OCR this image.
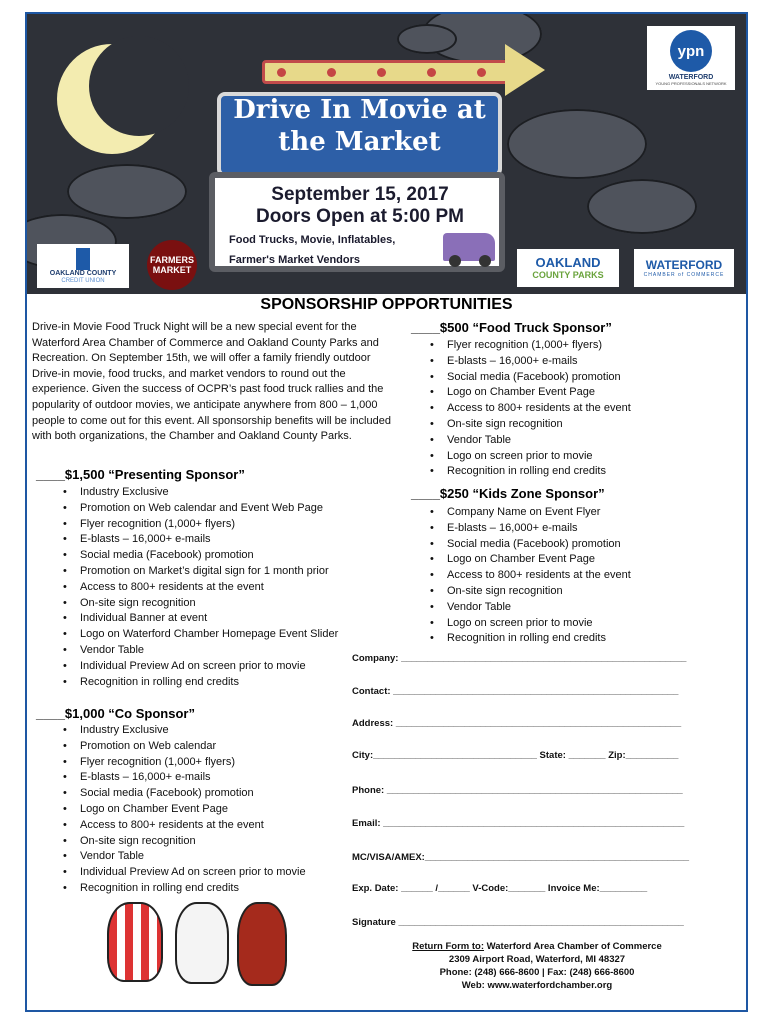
Drive In Movie at the Market
September 15, 2017
Doors Open at 5:00 PM
Food Trucks, Movie, Inflatables,
Farmer's Market Vendors
ypn
WATERFORD
YOUNG PROFESSIONALS NETWORK
OAKLAND COUNTY
CREDIT UNION
FARMERS MARKET	OAKLAND
COUNTY PARKS
WATERFORD
CHAMBER of COMMERCE
SPONSORSHIP OPPORTUNITIES

Drive-in Movie Food Truck Night will be a new special event for the Waterford Area Chamber of Commerce and Oakland County Parks and Recreation. On September 15th, we will offer a family friendly outdoor Drive-in movie, food trucks, and market vendors to round out the experience. Given the success of OCPR’s past food truck rallies and the popularity of outdoor movies, we anticipate anywhere from 800 – 1,000 people to come out for this event. All sponsorship benefits will be included with both organizations, the Chamber and Oakland County Parks.

____$1,500 “Presenting Sponsor”
• Industry Exclusive
• Promotion on Web calendar and Event Web Page
• Flyer recognition (1,000+ flyers)
• E-blasts – 16,000+ e-mails
• Social media (Facebook) promotion
• Promotion on Market’s digital sign for 1 month prior
• Access to 800+ residents at the event
• On-site sign recognition
• Individual Banner at event
• Logo on Waterford Chamber Homepage Event Slider
• Vendor Table
• Individual Preview Ad on screen prior to movie
• Recognition in rolling end credits
____$1,000 “Co Sponsor”
• Industry Exclusive
• Promotion on Web calendar
• Flyer recognition (1,000+ flyers)
• E-blasts – 16,000+ e-mails
• Social media (Facebook) promotion
• Logo on Chamber Event Page
• Access to 800+ residents at the event
• On-site sign recognition
• Vendor Table
• Individual Preview Ad on screen prior to movie
• Recognition in rolling end credits
____$500 “Food Truck Sponsor”
• Flyer recognition (1,000+ flyers)
• E-blasts – 16,000+ e-mails
• Social media (Facebook) promotion
• Logo on Chamber Event Page
• Access to 800+ residents at the event
• On-site sign recognition
• Vendor Table
• Logo on screen prior to movie
• Recognition in rolling end credits
____$250 “Kids Zone Sponsor”
• Company Name on Event Flyer
• E-blasts – 16,000+ e-mails
• Social media (Facebook) promotion
• Logo on Chamber Event Page
• Access to 800+ residents at the event
• On-site sign recognition
• Vendor Table
• Logo on screen prior to movie
• Recognition in rolling end credits
Company: ______________________________________________________
Contact: ______________________________________________________
Address: ______________________________________________________
City:_______________________________ State: _______ Zip:__________
Phone: ________________________________________________________
Email: _________________________________________________________
MC/VISA/AMEX:__________________________________________________
Exp. Date: ______ /______ V-Code:_______ Invoice Me:_________
Signature ______________________________________________________
Return Form to: Waterford Area Chamber of Commerce
2309 Airport Road, Waterford, MI 48327
Phone: (248) 666-8600 | Fax: (248) 666-8600
Web: www.waterfordchamber.org
